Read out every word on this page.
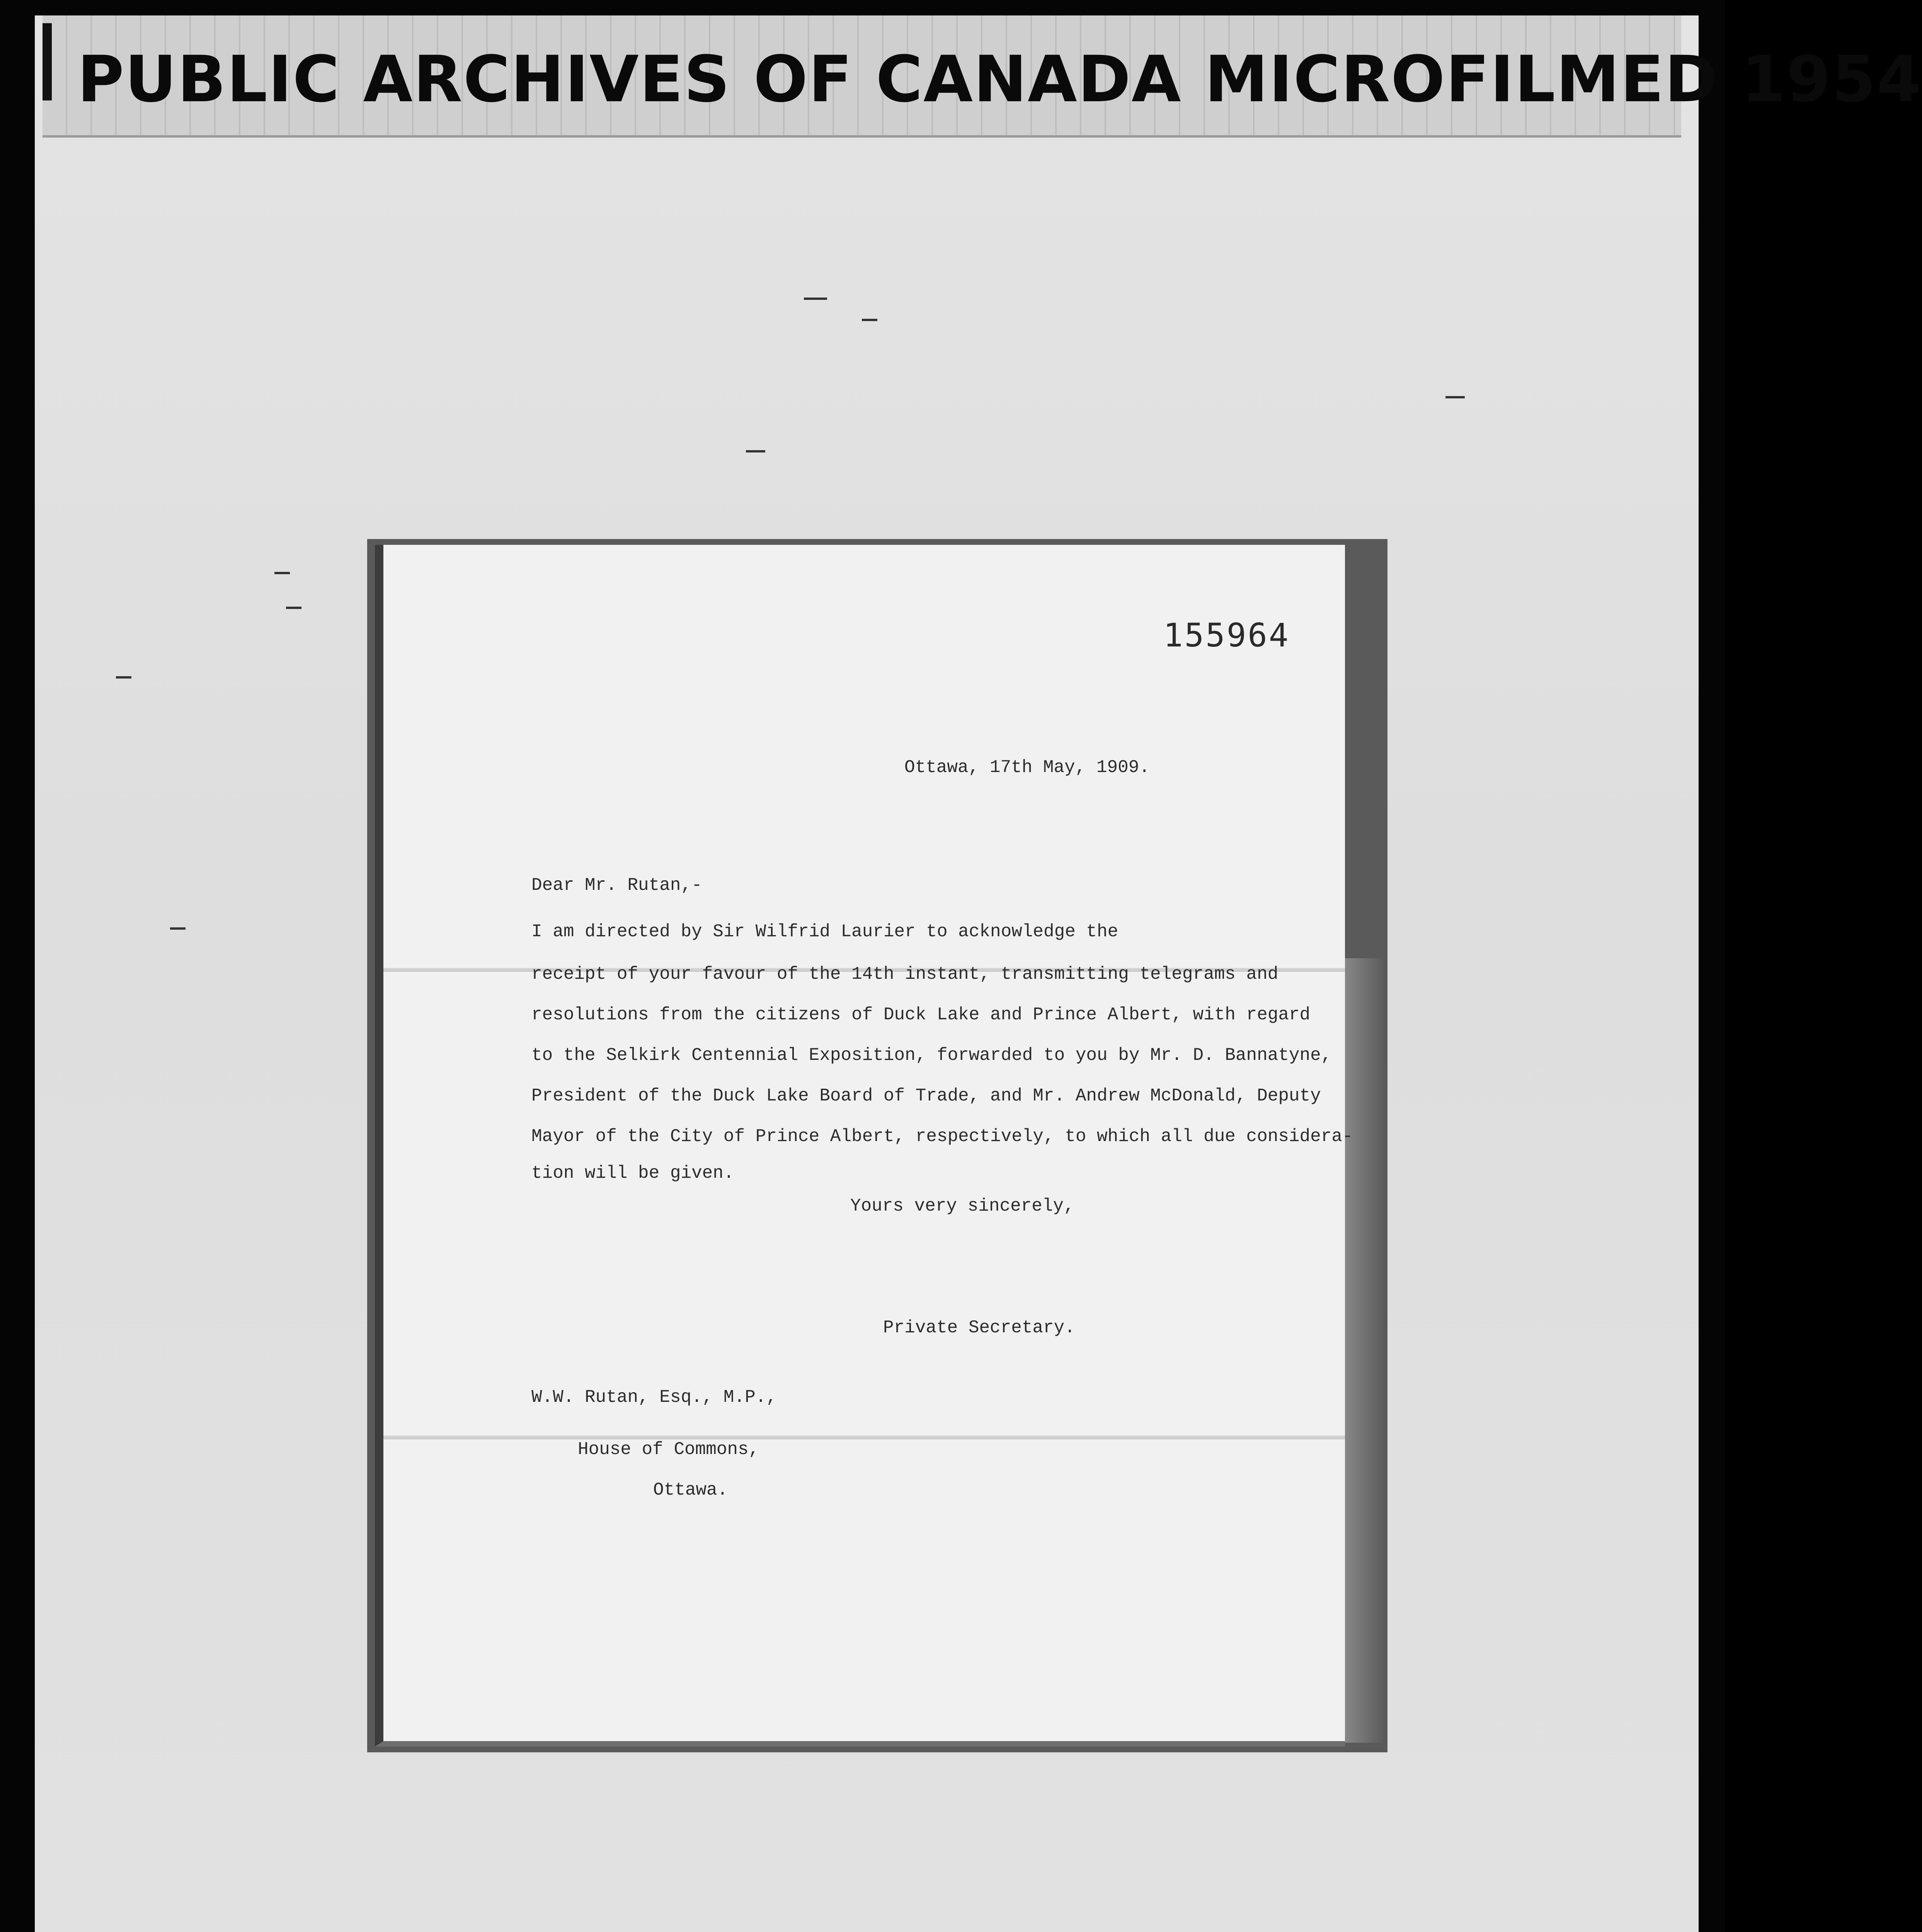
PUBLIC ARCHIVES OF CANADA MICROFILMED 1954
155964
Ottawa, 17th May, 1909.
Dear Mr. Rutan,-
I am directed by Sir Wilfrid Laurier to acknowledge the
receipt of your favour of the 14th instant, transmitting telegrams and
resolutions from the citizens of Duck Lake and Prince Albert, with regard
to the Selkirk Centennial Exposition, forwarded to you by Mr. D. Bannatyne,
President of the Duck Lake Board of Trade, and Mr. Andrew McDonald, Deputy
Mayor of the City of Prince Albert, respectively, to which all due considera-
tion will be given.
Yours very sincerely,
Private Secretary.
W.W. Rutan, Esq., M.P.,
House of Commons,
Ottawa.
